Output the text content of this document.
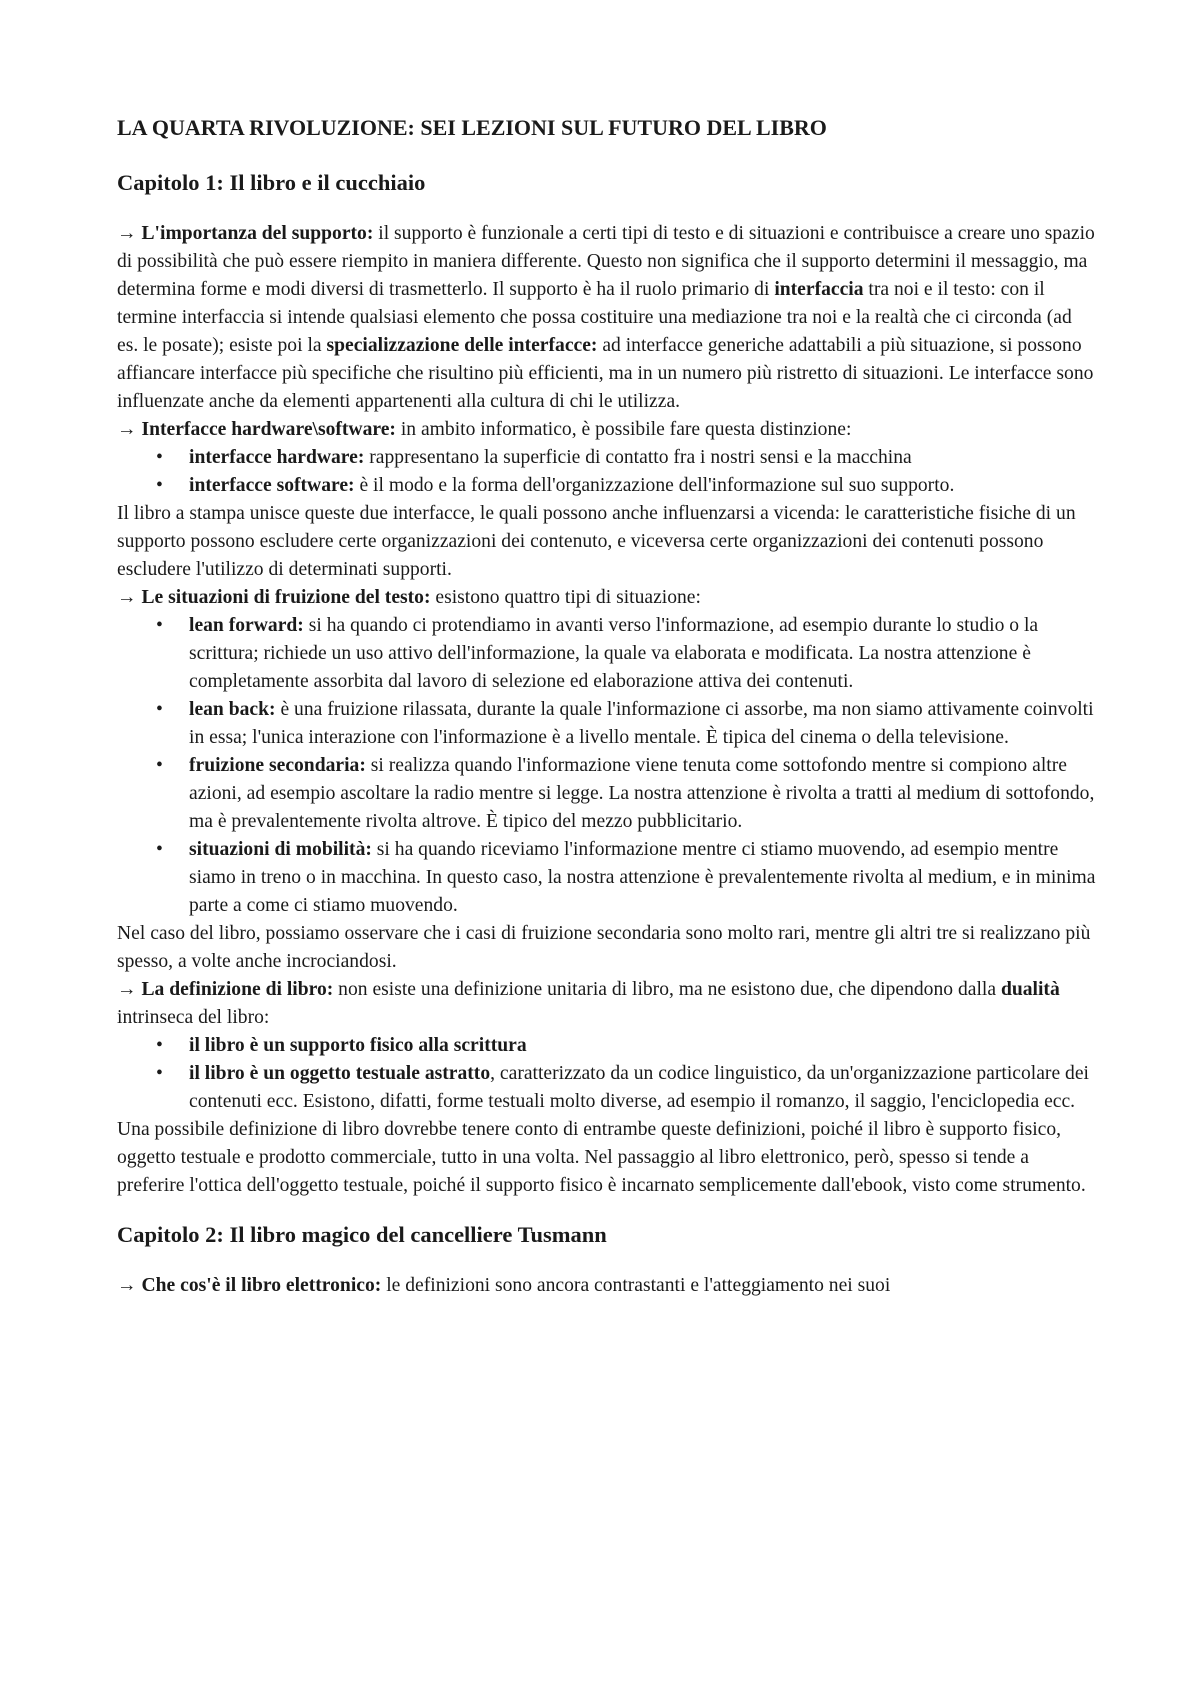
LA QUARTA RIVOLUZIONE: SEI LEZIONI SUL FUTURO DEL LIBRO
Capitolo 1: Il libro e il cucchiaio

→ L'importanza del supporto: il supporto è funzionale a certi tipi di testo e di situazioni e contribuisce a creare uno spazio di possibilità che può essere riempito in maniera differente. Questo non significa che il supporto determini il messaggio, ma determina forme e modi diversi di trasmetterlo. Il supporto è ha il ruolo primario di interfaccia tra noi e il testo: con il termine interfaccia si intende qualsiasi elemento che possa costituire una mediazione tra noi e la realtà che ci circonda (ad es. le posate); esiste poi la specializzazione delle interfacce: ad interfacce generiche adattabili a più situazione, si possono affiancare interfacce più specifiche che risultino più efficienti, ma in un numero più ristretto di situazioni. Le interfacce sono influenzate anche da elementi appartenenti alla cultura di chi le utilizza.

→ Interfacce hardware\software: in ambito informatico, è possibile fare questa distinzione:

• interfacce hardware: rappresentano la superficie di contatto fra i nostri sensi e la macchina
• interfacce software: è il modo e la forma dell'organizzazione dell'informazione sul suo supporto.

Il libro a stampa unisce queste due interfacce, le quali possono anche influenzarsi a vicenda: le caratteristiche fisiche di un supporto possono escludere certe organizzazioni dei contenuto, e viceversa certe organizzazioni dei contenuti possono escludere l'utilizzo di determinati supporti.

→ Le situazioni di fruizione del testo: esistono quattro tipi di situazione:

• lean forward: si ha quando ci protendiamo in avanti verso l'informazione, ad esempio durante lo studio o la scrittura; richiede un uso attivo dell'informazione, la quale va elaborata e modificata. La nostra attenzione è completamente assorbita dal lavoro di selezione ed elaborazione attiva dei contenuti.
• lean back: è una fruizione rilassata, durante la quale l'informazione ci assorbe, ma non siamo attivamente coinvolti in essa; l'unica interazione con l'informazione è a livello mentale. È tipica del cinema o della televisione.
• fruizione secondaria: si realizza quando l'informazione viene tenuta come sottofondo mentre si compiono altre azioni, ad esempio ascoltare la radio mentre si legge. La nostra attenzione è rivolta a tratti al medium di sottofondo, ma è prevalentemente rivolta altrove. È tipico del mezzo pubblicitario.
• situazioni di mobilità: si ha quando riceviamo l'informazione mentre ci stiamo muovendo, ad esempio mentre siamo in treno o in macchina. In questo caso, la nostra attenzione è prevalentemente rivolta al medium, e in minima parte a come ci stiamo muovendo.

Nel caso del libro, possiamo osservare che i casi di fruizione secondaria sono molto rari, mentre gli altri tre si realizzano più spesso, a volte anche incrociandosi.

→ La definizione di libro: non esiste una definizione unitaria di libro, ma ne esistono due, che dipendono dalla dualità intrinseca del libro:

• il libro è un supporto fisico alla scrittura
• il libro è un oggetto testuale astratto, caratterizzato da un codice linguistico, da un'organizzazione particolare dei contenuti ecc. Esistono, difatti, forme testuali molto diverse, ad esempio il romanzo, il saggio, l'enciclopedia ecc.

Una possibile definizione di libro dovrebbe tenere conto di entrambe queste definizioni, poiché il libro è supporto fisico, oggetto testuale e prodotto commerciale, tutto in una volta. Nel passaggio al libro elettronico, però, spesso si tende a preferire l'ottica dell'oggetto testuale, poiché il supporto fisico è incarnato semplicemente dall'ebook, visto come strumento.

Capitolo 2: Il libro magico del cancelliere Tusmann

→ Che cos'è il libro elettronico: le definizioni sono ancora contrastanti e l'atteggiamento nei suoi
